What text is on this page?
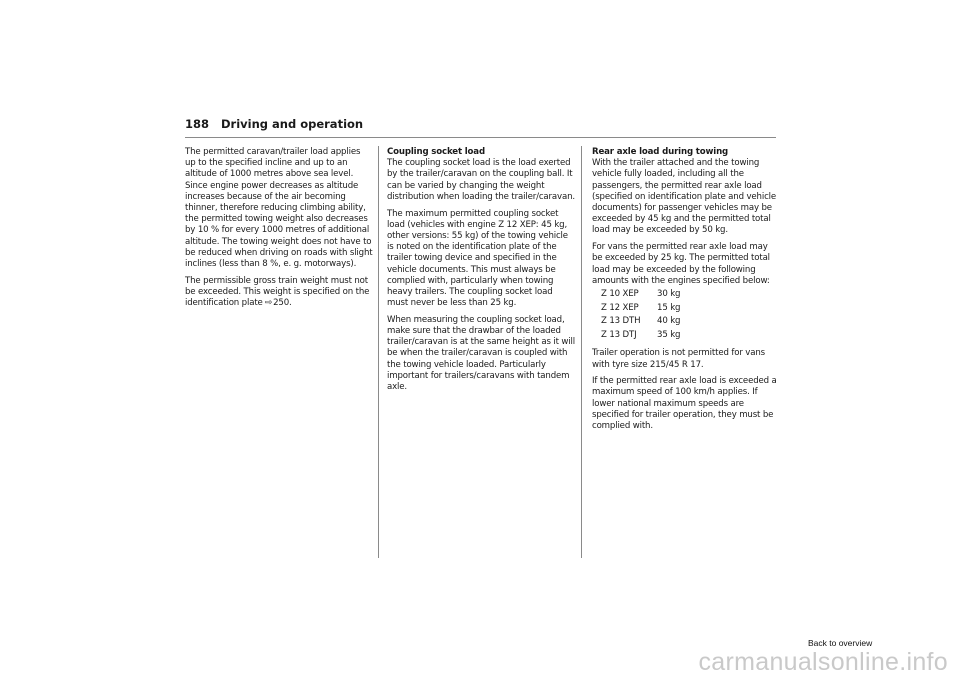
188 Driving and operation

The permitted caravan/trailer load applies up to the specified incline and up to an altitude of 1000 metres above sea level. Since engine power decreases as altitude increases because of the air becoming thinner, therefore reducing climbing ability, the permitted towing weight also decreases by 10 % for every 1000 metres of additional altitude. The towing weight does not have to be reduced when driving on roads with slight inclines (less than 8 %, e. g. motorways).

The permissible gross train weight must not be exceeded. This weight is specified on the identification plate ⇨250.

Coupling socket load
The coupling socket load is the load exerted by the trailer/caravan on the coupling ball. It can be varied by changing the weight distribution when loading the trailer/caravan.

The maximum permitted coupling socket load (vehicles with engine Z 12 XEP: 45 kg, other versions: 55 kg) of the towing vehicle is noted on the identification plate of the trailer towing device and specified in the vehicle documents. This must always be complied with, particularly when towing heavy trailers. The coupling socket load must never be less than 25 kg.

When measuring the coupling socket load, make sure that the drawbar of the loaded trailer/caravan is at the same height as it will be when the trailer/caravan is coupled with the towing vehicle loaded. Particularly important for trailers/caravans with tandem axle.

Rear axle load during towing
With the trailer attached and the towing vehicle fully loaded, including all the passengers, the permitted rear axle load (specified on identification plate and vehicle documents) for passenger vehicles may be exceeded by 45 kg and the permitted total load may be exceeded by 50 kg.

For vans the permitted rear axle load may be exceeded by 25 kg. The permitted total load may be exceeded by the following amounts with the engines specified below:

Z 10 XEP	30 kg
Z 12 XEP	15 kg
Z 13 DTH	40 kg
Z 13 DTJ	35 kg

Trailer operation is not permitted for vans with tyre size 215/45 R 17.

If the permitted rear axle load is exceeded a maximum speed of 100 km/h applies. If lower national maximum speeds are specified for trailer operation, they must be complied with.

Back to overview
carmanualsonline.info
